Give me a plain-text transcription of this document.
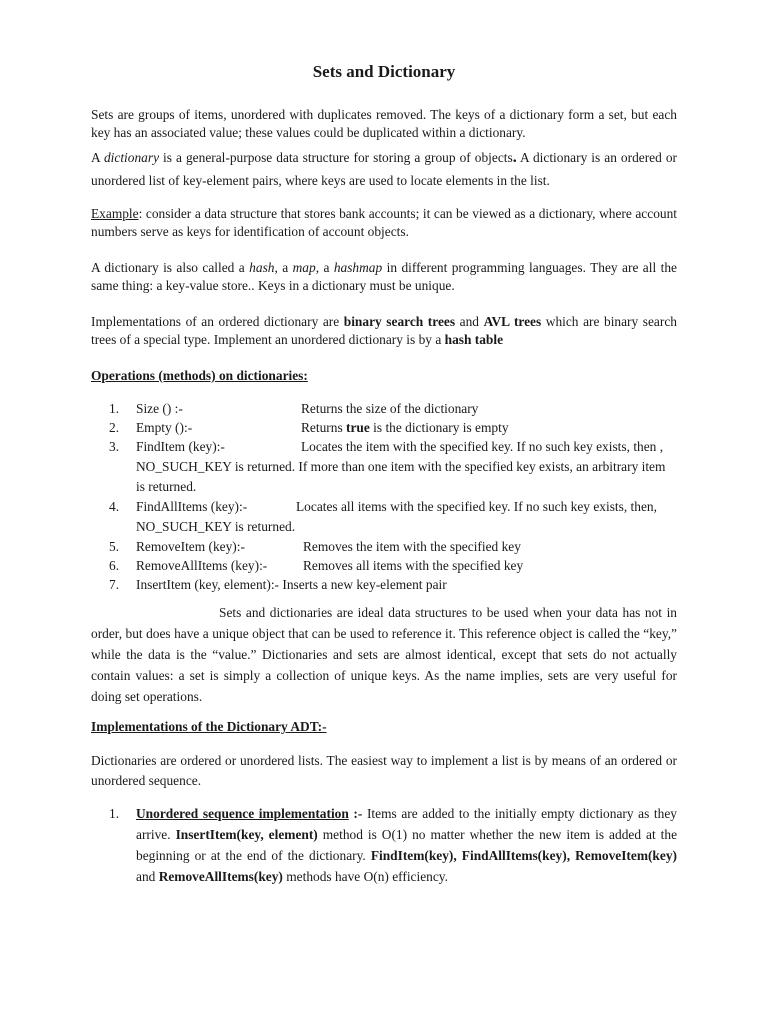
Sets and Dictionary

Sets are groups of items, unordered with duplicates removed. The keys of a dictionary form a set, but each key has an associated value; these values could be duplicated within a dictionary.

A dictionary is a general-purpose data structure for storing a group of objects. A dictionary is an ordered or unordered list of key-element pairs, where keys are used to locate elements in the list.

Example: consider a data structure that stores bank accounts; it can be viewed as a dictionary, where account numbers serve as keys for identification of account objects.

A dictionary is also called a hash, a map, a hashmap in different programming languages. They are all the same thing: a key-value store.. Keys in a dictionary must be unique.

Implementations of an ordered dictionary are binary search trees and AVL trees which are binary search trees of a special type. Implement an unordered dictionary is by a hash table

Operations (methods) on dictionaries:

1. Size () :-	Returns the size of the dictionary
2. Empty ():-	Returns true is the dictionary is empty
3. FindItem (key):-	Locates the item with the specified key. If no such key exists, then , NO_SUCH_KEY is returned. If more than one item with the specified key exists, an arbitrary item is returned.
4. FindAllItems (key):-	Locates all items with the specified key. If no such key exists, then, NO_SUCH_KEY is returned.
5. RemoveItem (key):-	Removes the item with the specified key
6. RemoveAllItems (key):-	Removes all items with the specified key
7. InsertItem (key, element):- Inserts a new key-element pair

Sets and dictionaries are ideal data structures to be used when your data has not in order, but does have a unique object that can be used to reference it. This reference object is called the “key,” while the data is the “value.” Dictionaries and sets are almost identical, except that sets do not actually contain values: a set is simply a collection of unique keys. As the name implies, sets are very useful for doing set operations.

Implementations of the Dictionary ADT:-

Dictionaries are ordered or unordered lists. The easiest way to implement a list is by means of an ordered or unordered sequence.

1. Unordered sequence implementation :- Items are added to the initially empty dictionary as they arrive. InsertItem(key, element) method is O(1) no matter whether the new item is added at the beginning or at the end of the dictionary. FindItem(key), FindAllItems(key), RemoveItem(key) and RemoveAllItems(key) methods have O(n) efficiency.
